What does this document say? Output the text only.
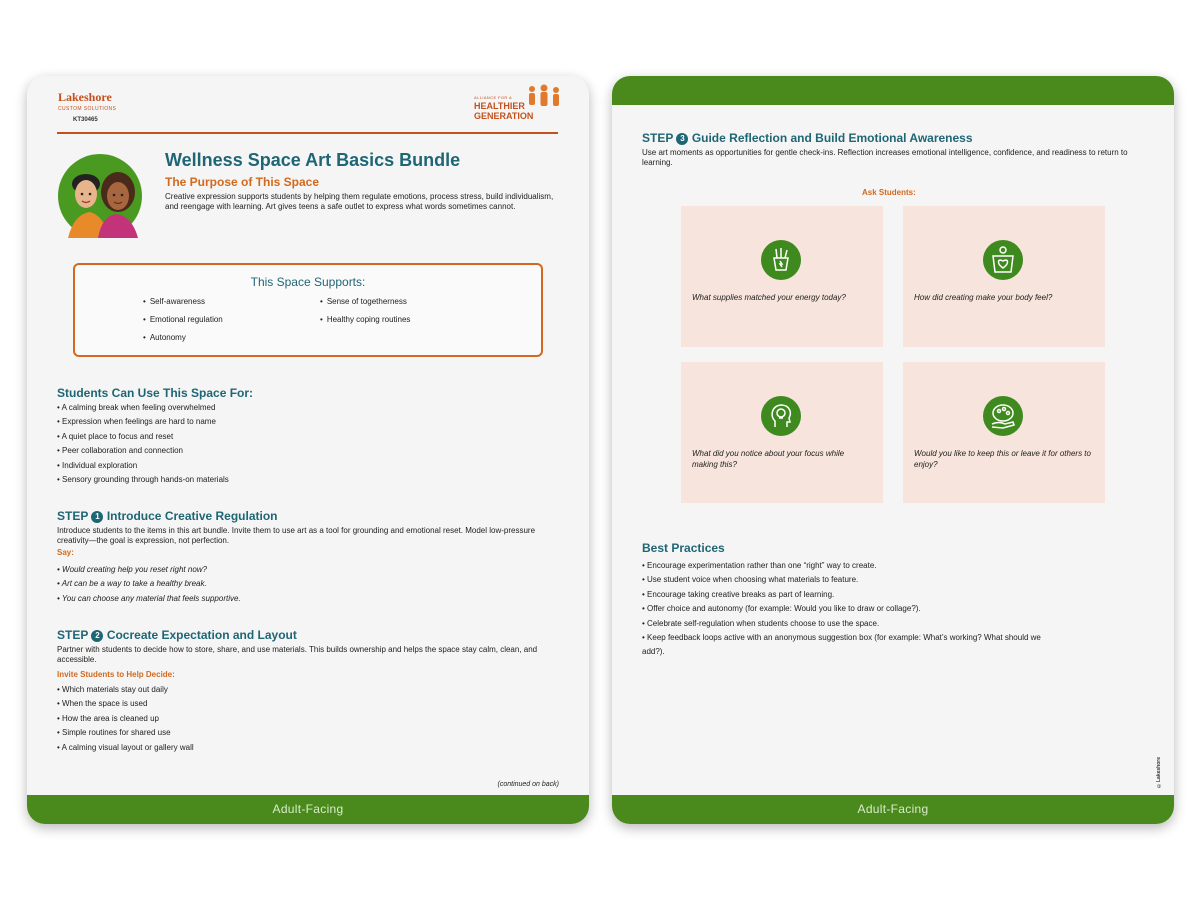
Lakeshore
CUSTOM SOLUTIONS
KT30465
ALLIANCE FOR A
HEALTHIER
GENERATION
Wellness Space Art Basics Bundle
The Purpose of This Space
Creative expression supports students by helping them regulate emotions, process stress, build individualism, and reengage with learning. Art gives teens a safe outlet to express what words sometimes cannot.
This Space Supports:
• Self-awareness
• Emotional regulation
• Autonomy
• Sense of togetherness
• Healthy coping routines
Students Can Use This Space For:
• A calming break when feeling overwhelmed
• Expression when feelings are hard to name
• A quiet place to focus and reset
• Peer collaboration and connection
• Individual exploration
• Sensory grounding through hands-on materials
STEP 1 Introduce Creative Regulation
Introduce students to the items in this art bundle. Invite them to use art as a tool for grounding and emotional reset. Model low-pressure creativity—the goal is expression, not perfection.
Say:
• Would creating help you reset right now?
• Art can be a way to take a healthy break.
• You can choose any material that feels supportive.
STEP 2 Cocreate Expectation and Layout
Partner with students to decide how to store, share, and use materials. This builds ownership and helps the space stay calm, clean, and accessible.
Invite Students to Help Decide:
• Which materials stay out daily
• When the space is used
• How the area is cleaned up
• Simple routines for shared use
• A calming visual layout or gallery wall
(continued on back)
Adult-Facing
STEP 3 Guide Reflection and Build Emotional Awareness
Use art moments as opportunities for gentle check-ins. Reflection increases emotional intelligence, confidence, and readiness to return to learning.
Ask Students:
What supplies matched your energy today?	How did creating make your body feel?
What did you notice about your focus while making this?
Would you like to keep this or leave it for others to enjoy?
Best Practices
• Encourage experimentation rather than one “right” way to create.
• Use student voice when choosing what materials to feature.
• Encourage taking creative breaks as part of learning.
• Offer choice and autonomy (for example: Would you like to draw or collage?).
• Celebrate self-regulation when students choose to use the space.
• Keep feedback loops active with an anonymous suggestion box (for example: What’s working? What should we add?).
©Lakeshore
Adult-Facing
